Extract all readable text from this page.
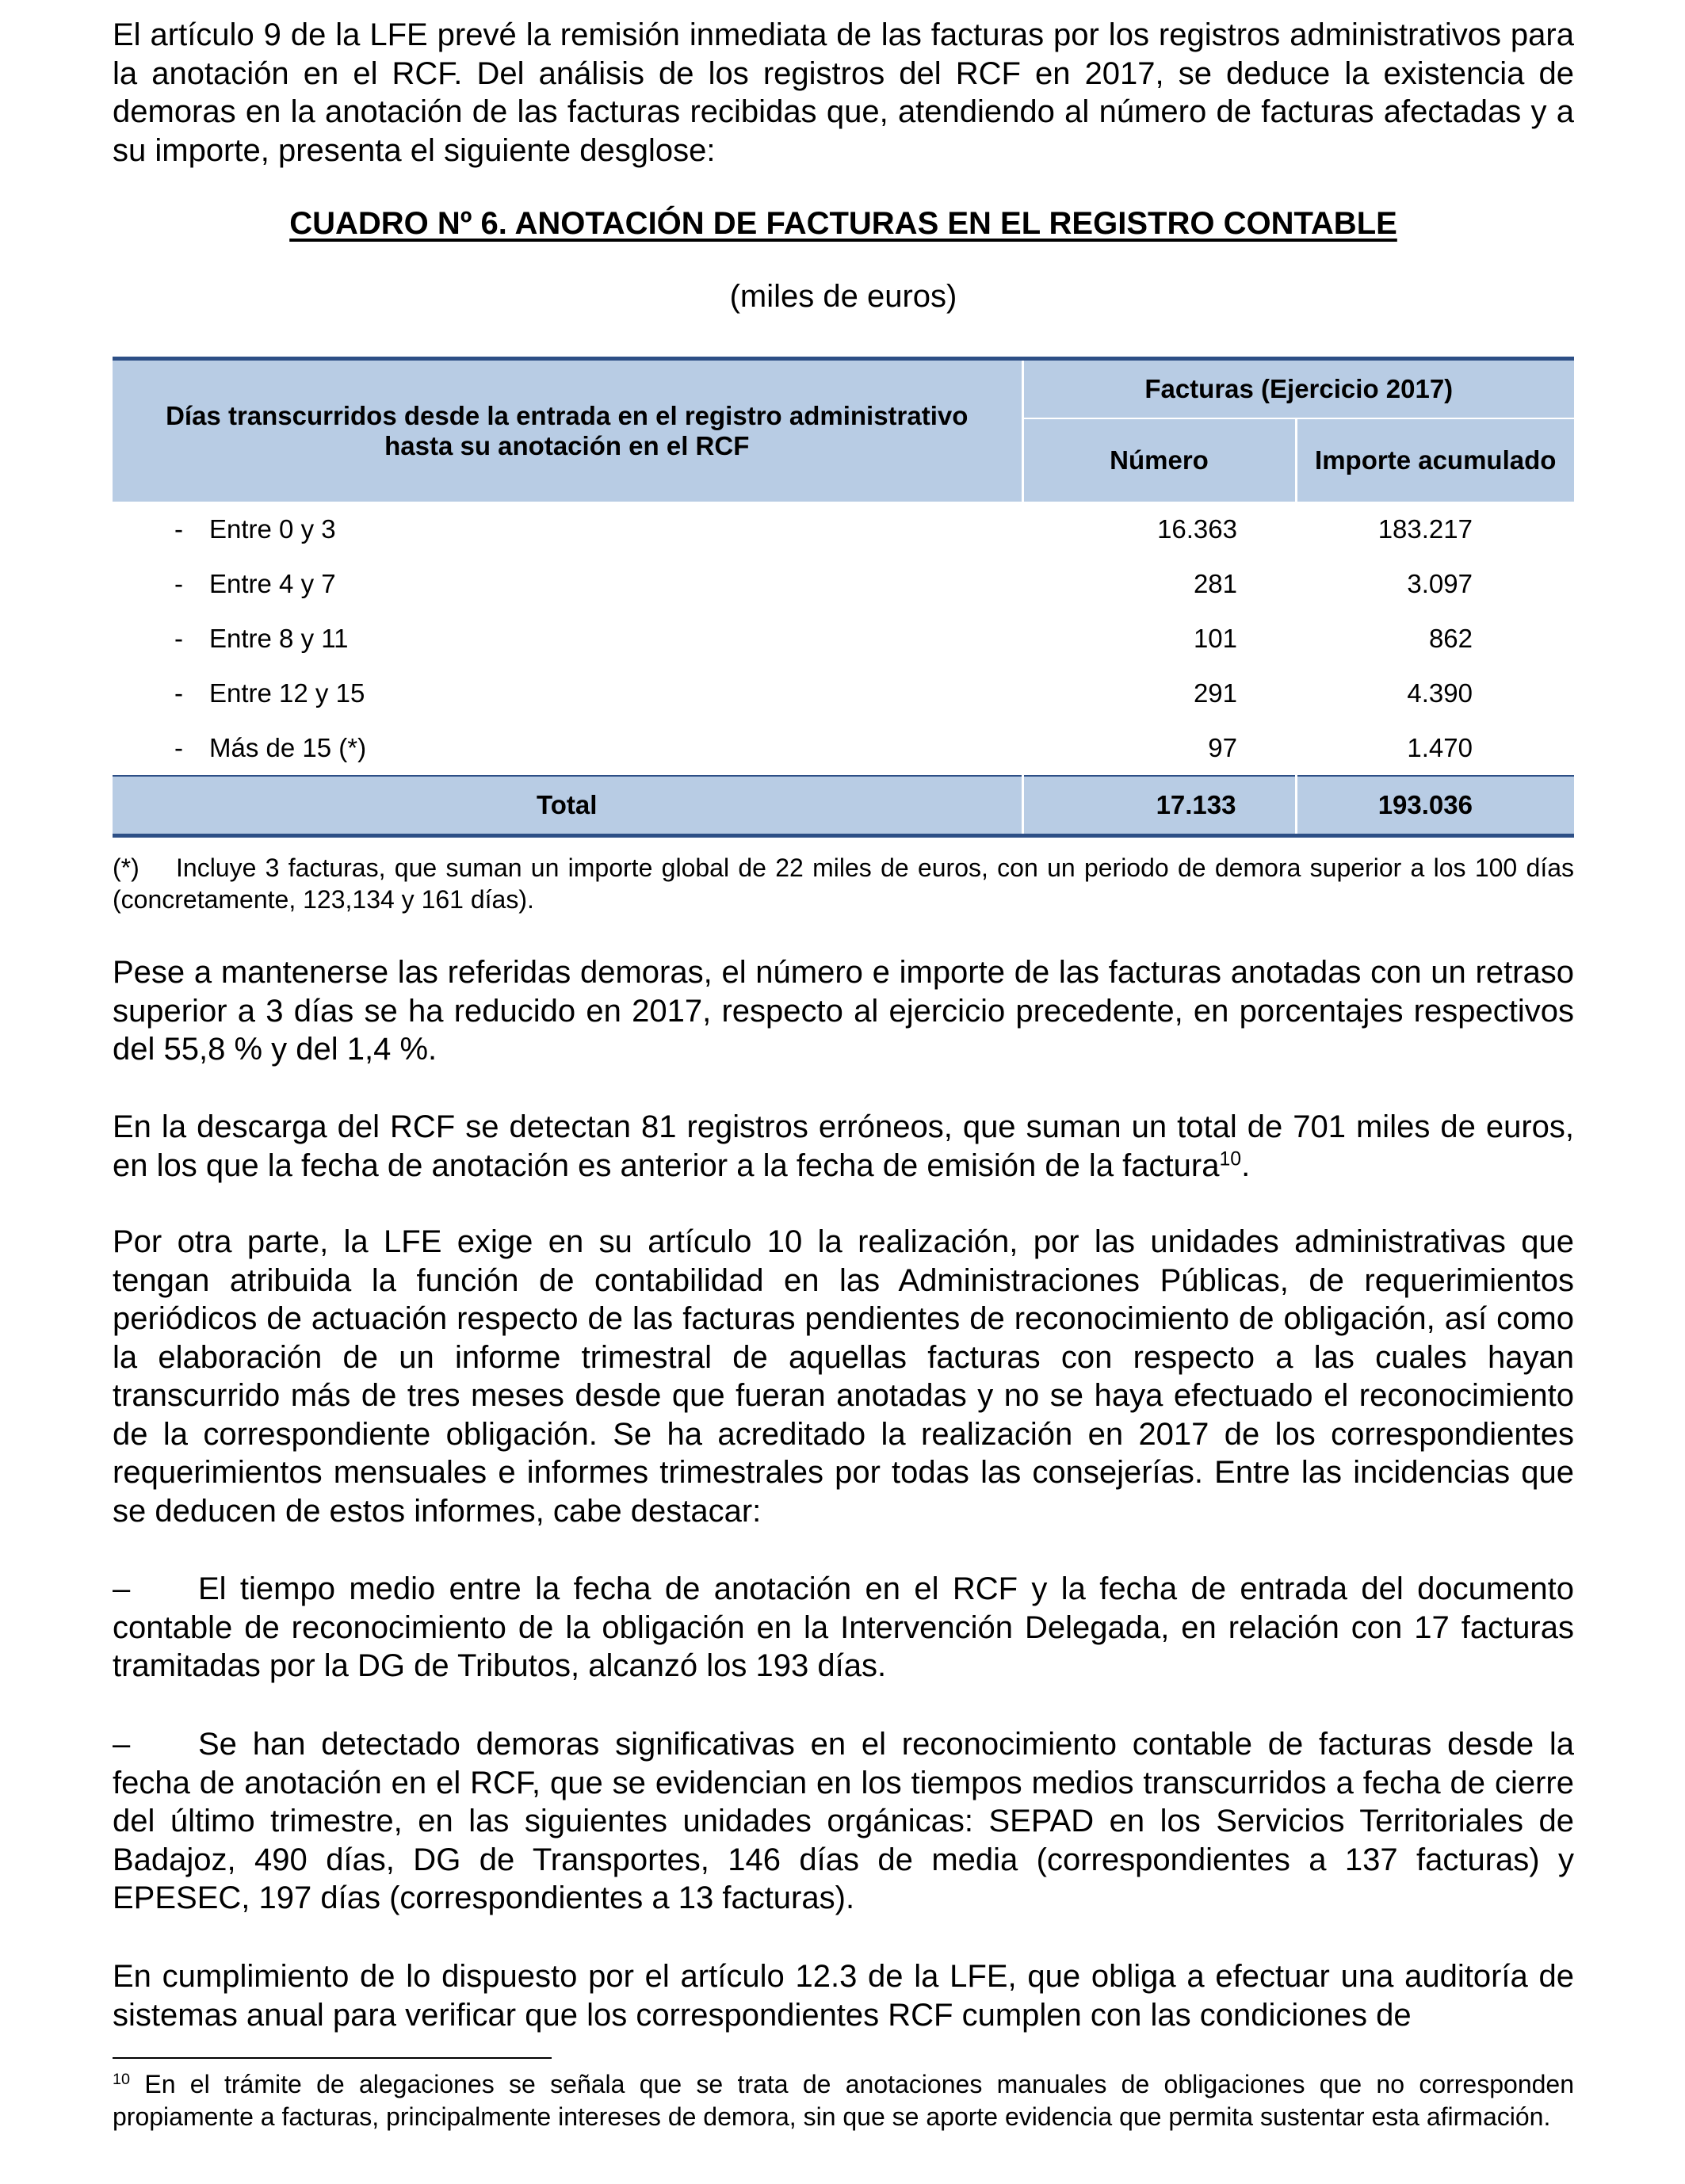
El artículo 9 de la LFE prevé la remisión inmediata de las facturas por los registros administrativos para la anotación en el RCF. Del análisis de los registros del RCF en 2017, se deduce la existencia de demoras en la anotación de las facturas recibidas que, atendiendo al número de facturas afectadas y a su importe, presenta el siguiente desglose:

CUADRO Nº 6. ANOTACIÓN DE FACTURAS EN EL REGISTRO CONTABLE
(miles de euros)
Días transcurridos desde la entrada en el registro administrativo hasta su anotación en el RCF	Facturas (Ejercicio 2017)	
	Número	Importe acumulado
- Entre 0 y 3	16.363	183.217
- Entre 4 y 7	281	3.097
- Entre 8 y 11	101	862
- Entre 12 y 15	291	4.390
- Más de 15 (*)	97	1.470
Total	17.133	193.036

(*) Incluye 3 facturas, que suman un importe global de 22 miles de euros, con un periodo de demora superior a los 100 días (concretamente, 123,134 y 161 días).

Pese a mantenerse las referidas demoras, el número e importe de las facturas anotadas con un retraso superior a 3 días se ha reducido en 2017, respecto al ejercicio precedente, en porcentajes respectivos del 55,8 % y del 1,4 %.

En la descarga del RCF se detectan 81 registros erróneos, que suman un total de 701 miles de euros, en los que la fecha de anotación es anterior a la fecha de emisión de la factura$^{10}$.

Por otra parte, la LFE exige en su artículo 10 la realización, por las unidades administrativas que tengan atribuida la función de contabilidad en las Administraciones Públicas, de requerimientos periódicos de actuación respecto de las facturas pendientes de reconocimiento de obligación, así como la elaboración de un informe trimestral de aquellas facturas con respecto a las cuales hayan transcurrido más de tres meses desde que fueran anotadas y no se haya efectuado el reconocimiento de la correspondiente obligación. Se ha acreditado la realización en 2017 de los correspondientes requerimientos mensuales e informes trimestrales por todas las consejerías. Entre las incidencias que se deducen de estos informes, cabe destacar:

– El tiempo medio entre la fecha de anotación en el RCF y la fecha de entrada del documento contable de reconocimiento de la obligación en la Intervención Delegada, en relación con 17 facturas tramitadas por la DG de Tributos, alcanzó los 193 días.

– Se han detectado demoras significativas en el reconocimiento contable de facturas desde la fecha de anotación en el RCF, que se evidencian en los tiempos medios transcurridos a fecha de cierre del último trimestre, en las siguientes unidades orgánicas: SEPAD en los Servicios Territoriales de Badajoz, 490 días, DG de Transportes, 146 días de media (correspondientes a 137 facturas) y EPESEC, 197 días (correspondientes a 13 facturas).

En cumplimiento de lo dispuesto por el artículo 12.3 de la LFE, que obliga a efectuar una auditoría de sistemas anual para verificar que los correspondientes RCF cumplen con las condiciones de

$^{10}$ En el trámite de alegaciones se señala que se trata de anotaciones manuales de obligaciones que no corresponden propiamente a facturas, principalmente intereses de demora, sin que se aporte evidencia que permita sustentar esta afirmación.
